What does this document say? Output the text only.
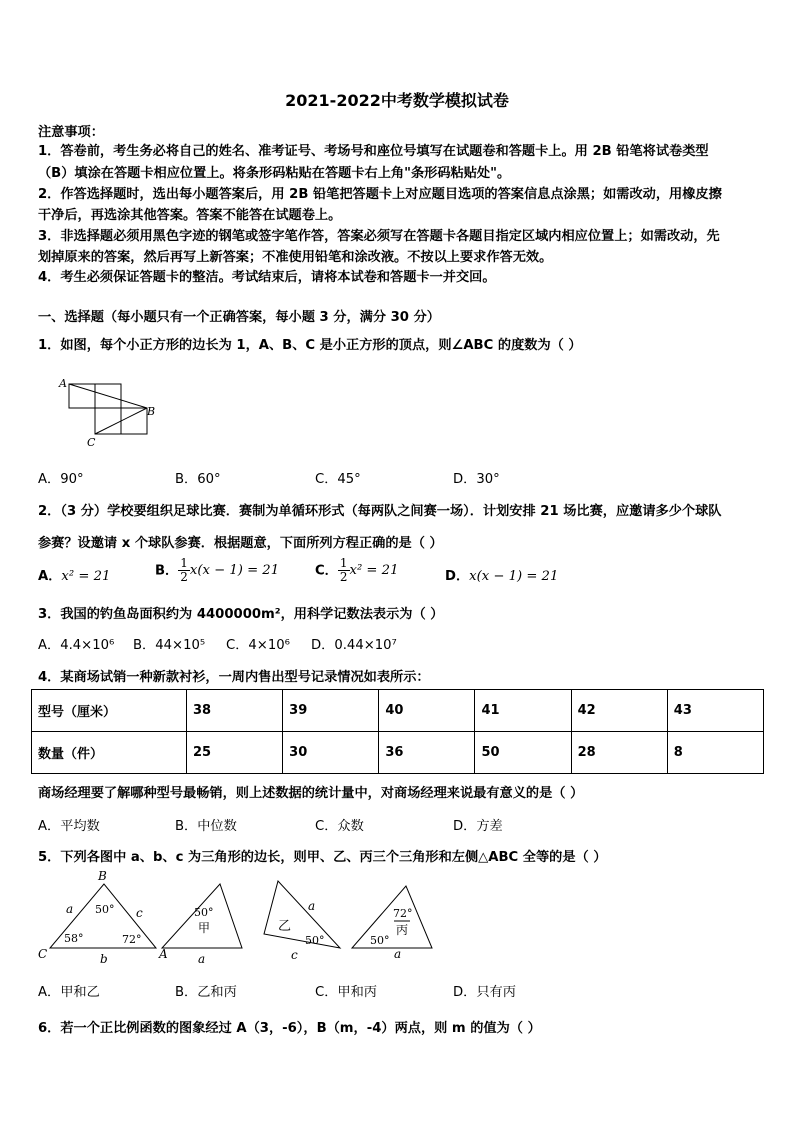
2021-2022中考数学模拟试卷
注意事项：
1．答卷前，考生务必将自己的姓名、准考证号、考场号和座位号填写在试题卷和答题卡上。用 2B 铅笔将试卷类型
（B）填涂在答题卡相应位置上。将条形码粘贴在答题卡右上角"条形码粘贴处"。
2．作答选择题时，选出每小题答案后，用 2B 铅笔把答题卡上对应题目选项的答案信息点涂黑；如需改动，用橡皮擦
干净后，再选涂其他答案。答案不能答在试题卷上。
3．非选择题必须用黑色字迹的钢笔或签字笔作答，答案必须写在答题卡各题目指定区域内相应位置上；如需改动，先
划掉原来的答案，然后再写上新答案；不准使用铅笔和涂改液。不按以上要求作答无效。
4．考生必须保证答题卡的整洁。考试结束后，请将本试卷和答题卡一并交回。
一、选择题（每小题只有一个正确答案，每小题 3 分，满分 30 分）
1．如图，每个小正方形的边长为 1，A、B、C 是小正方形的顶点，则∠ABC 的度数为（ ）
A
B
C
A．90°	B．60°	C．45°	D．30°
2．（3 分）学校要组织足球比赛．赛制为单循环形式（每两队之间赛一场）．计划安排 21 场比赛，应邀请多少个球队
参赛？设邀请 x 个球队参赛．根据题意，下面所列方程正确的是（ ）
A．x² = 21	B． $\frac{1}{2} x(x - 1) = 21$	C． $\frac{1}{2} x^2 = 21$	D．x(x − 1) = 21
3．我国的钓鱼岛面积约为 4400000m²，用科学记数法表示为（ ）
A．4.4×10⁶ B．44×10⁵ C．4×10⁶ D．0.44×10⁷
4．某商场试销一种新款衬衫，一周内售出型号记录情况如表所示：
型号（厘米）	38	39	40	41	42	43
数量（件）	25	30	36	50	28	8
商场经理要了解哪种型号最畅销，则上述数据的统计量中，对商场经理来说最有意义的是（ ）
A．平均数	B．中位数	C．众数	D．方差
5．下列各图中 a、b、c 为三角形的边长，则甲、乙、丙三个三角形和左侧△ABC 全等的是（ ）
B
A
C
a
b
c
50°
58°	72°
50°
甲
a
乙
50°
a
c
72°
丙
50°
a
A．甲和乙	B．乙和丙	C．甲和丙	D．只有丙
6．若一个正比例函数的图象经过 A（3，-6），B（m，-4）两点，则 m 的值为（ ）
